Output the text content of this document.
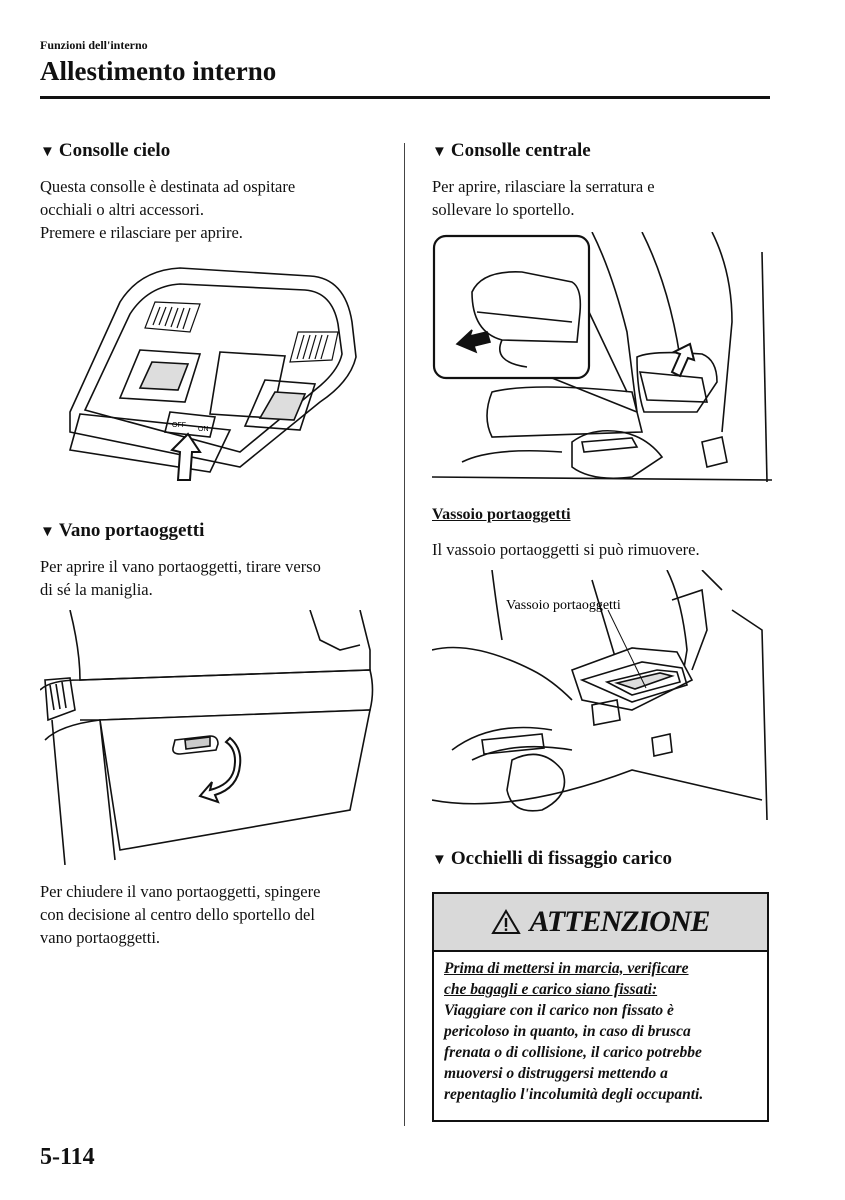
Funzioni dell'interno
Allestimento interno
▼ Consolle cielo

Questa consolle è destinata ad ospitare

occhiali o altri accessori.

Premere e rilasciare per aprire.

OFF
ON
▼ Vano portaoggetti

Per aprire il vano portaoggetti, tirare verso

di sé la maniglia.

Per chiudere il vano portaoggetti, spingere

con decisione al centro dello sportello del

vano portaoggetti.

▼ Consolle centrale

Per aprire, rilasciare la serratura e

sollevare lo sportello.

Vassoio portaoggetti

Il vassoio portaoggetti si può rimuovere.

Vassoio portaoggetti
▼ Occhielli di fissaggio carico
ATTENZIONE
Prima di mettersi in marcia, verificare
che bagagli e carico siano fissati:
Viaggiare con il carico non fissato è
pericoloso in quanto, in caso di brusca
frenata o di collisione, il carico potrebbe
muoversi o distruggersi mettendo a
repentaglio l'incolumità degli occupanti.
5-114
